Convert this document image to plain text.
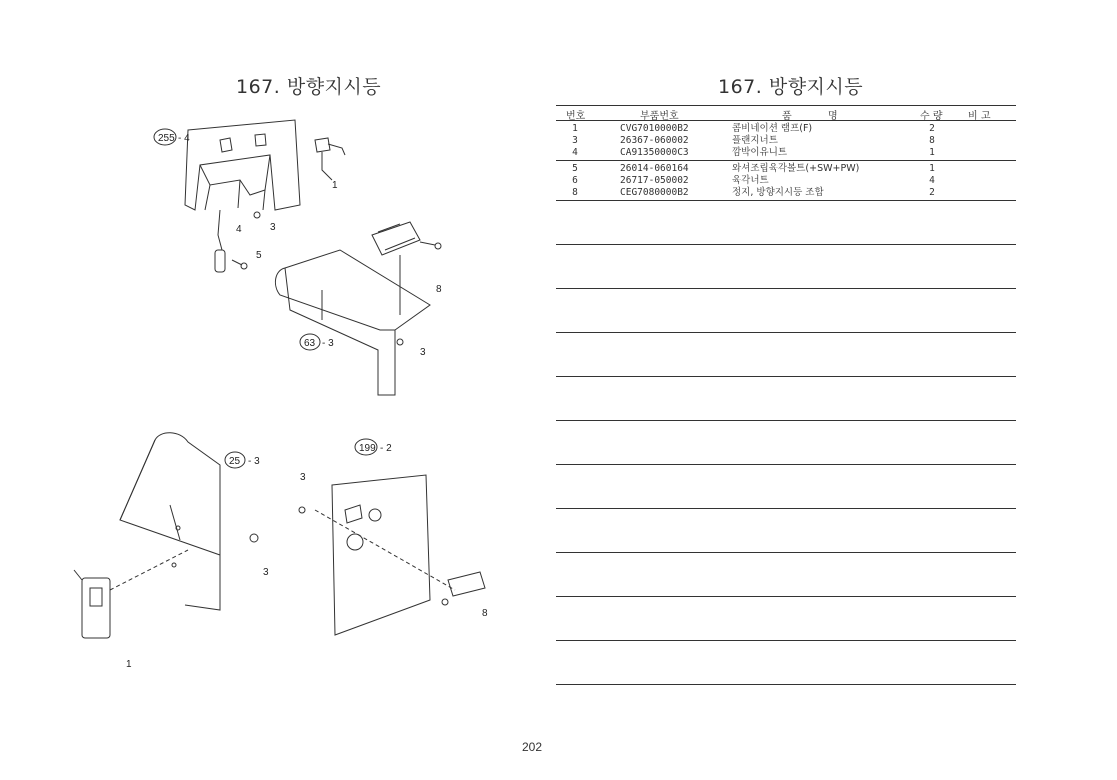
167. 방향지시등	167. 방향지시등
255 - 4
63 - 3
25 - 3
199 - 2
1
3
4
5
8
3
3
1
3
8
번호	부품번호	품	명	수 량	비 고
1	CVG7010000B2	콤비네이션 램프(F)	2
3	26367-060002	플랜지너트	8
4	CA91350000C3	깜박이유니트	1
5	26014-060164	와셔조립육각볼트(+SW+PW)	1
6	26717-050002	육각너트	4
8	CEG7080000B2	정지, 방향지시등 조합	2
202
